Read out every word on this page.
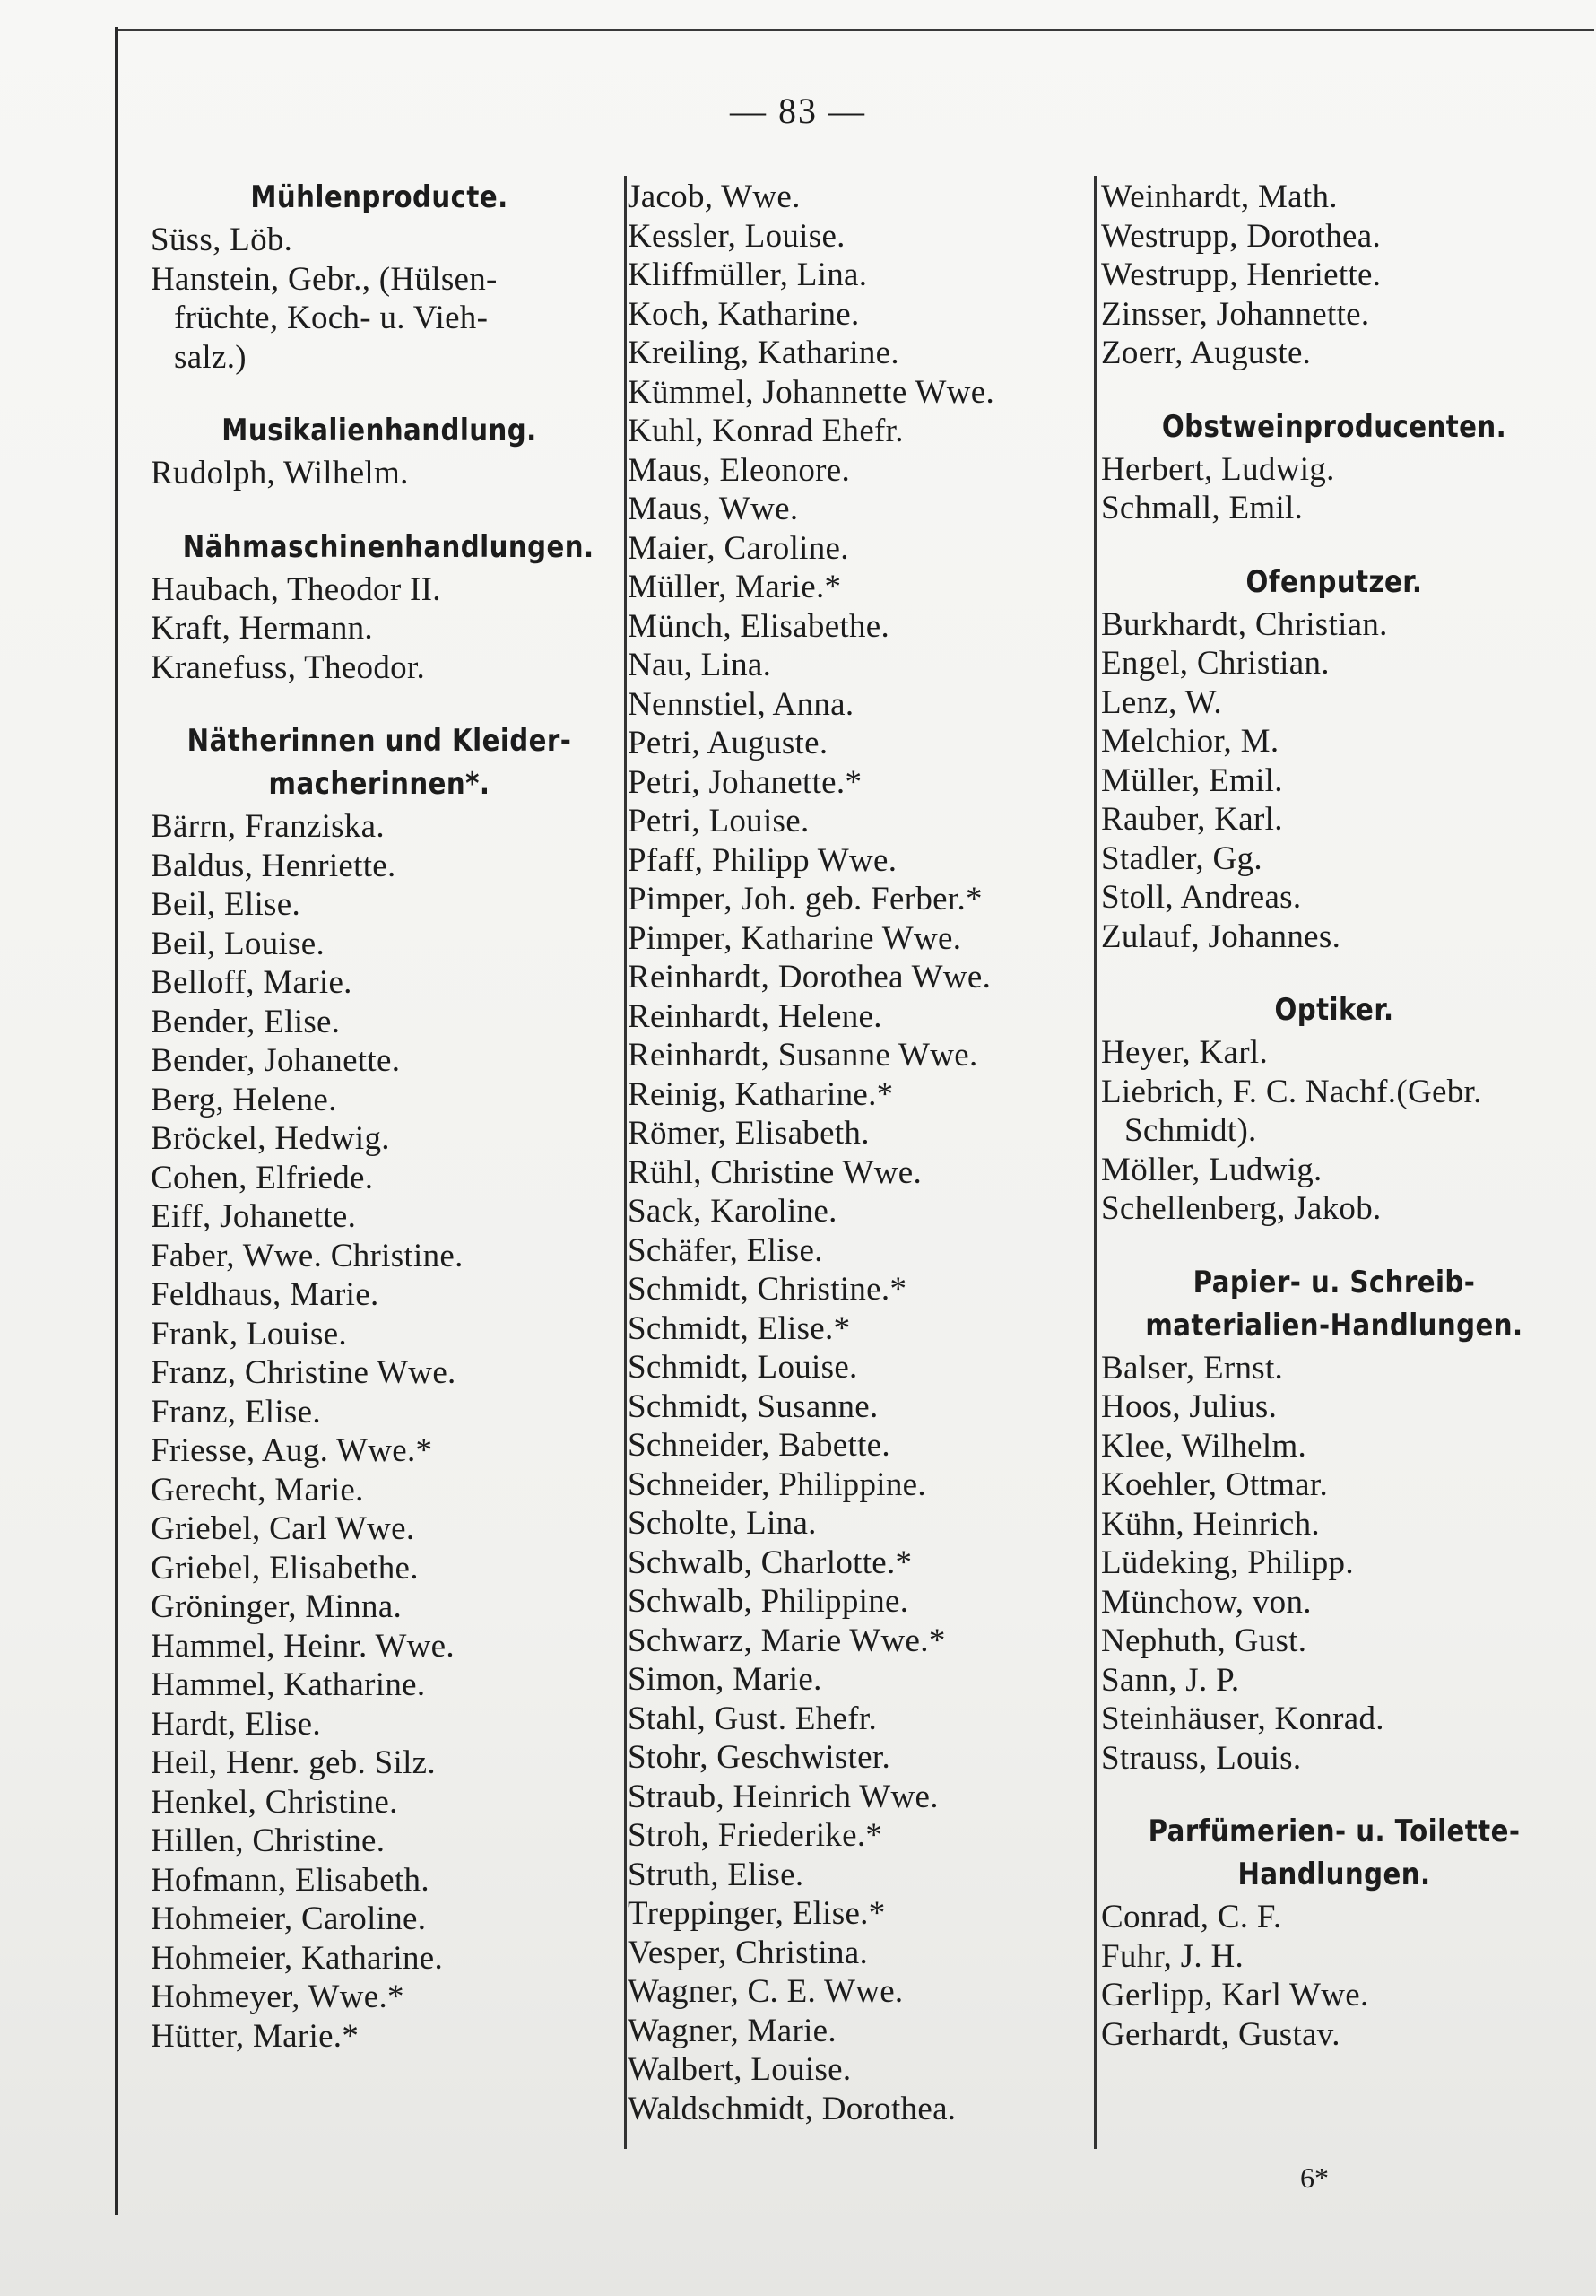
— 83 —
Mühlenproducte.
Süss, Löb.
Hanstein, Gebr., (Hülsen-
früchte, Koch- u. Vieh-
salz.)
Musikalienhandlung.
Rudolph, Wilhelm.
Nähmaschinenhandlungen.
Haubach, Theodor II.
Kraft, Hermann.
Kranefuss, Theodor.
Nätherinnen und Kleider-
macherinnen*.
Bärrn, Franziska.
Baldus, Henriette.
Beil, Elise.
Beil, Louise.
Belloff, Marie.
Bender, Elise.
Bender, Johanette.
Berg, Helene.
Bröckel, Hedwig.
Cohen, Elfriede.
Eiff, Johanette.
Faber, Wwe. Christine.
Feldhaus, Marie.
Frank, Louise.
Franz, Christine Wwe.
Franz, Elise.
Friesse, Aug. Wwe.*
Gerecht, Marie.
Griebel, Carl Wwe.
Griebel, Elisabethe.
Gröninger, Minna.
Hammel, Heinr. Wwe.
Hammel, Katharine.
Hardt, Elise.
Heil, Henr. geb. Silz.
Henkel, Christine.
Hillen, Christine.
Hofmann, Elisabeth.
Hohmeier, Caroline.
Hohmeier, Katharine.
Hohmeyer, Wwe.*
Hütter, Marie.*
Jacob, Wwe.
Kessler, Louise.
Kliffmüller, Lina.
Koch, Katharine.
Kreiling, Katharine.
Kümmel, Johannette Wwe.
Kuhl, Konrad Ehefr.
Maus, Eleonore.
Maus, Wwe.
Maier, Caroline.
Müller, Marie.*
Münch, Elisabethe.
Nau, Lina.
Nennstiel, Anna.
Petri, Auguste.
Petri, Johanette.*
Petri, Louise.
Pfaff, Philipp Wwe.
Pimper, Joh. geb. Ferber.*
Pimper, Katharine Wwe.
Reinhardt, Dorothea Wwe.
Reinhardt, Helene.
Reinhardt, Susanne Wwe.
Reinig, Katharine.*
Römer, Elisabeth.
Rühl, Christine Wwe.
Sack, Karoline.
Schäfer, Elise.
Schmidt, Christine.*
Schmidt, Elise.*
Schmidt, Louise.
Schmidt, Susanne.
Schneider, Babette.
Schneider, Philippine.
Scholte, Lina.
Schwalb, Charlotte.*
Schwalb, Philippine.
Schwarz, Marie Wwe.*
Simon, Marie.
Stahl, Gust. Ehefr.
Stohr, Geschwister.
Straub, Heinrich Wwe.
Stroh, Friederike.*
Struth, Elise.
Treppinger, Elise.*
Vesper, Christina.
Wagner, C. E. Wwe.
Wagner, Marie.
Walbert, Louise.
Waldschmidt, Dorothea.
Weinhardt, Math.
Westrupp, Dorothea.
Westrupp, Henriette.
Zinsser, Johannette.
Zoerr, Auguste.
Obstweinproducenten.
Herbert, Ludwig.
Schmall, Emil.
Ofenputzer.
Burkhardt, Christian.
Engel, Christian.
Lenz, W.
Melchior, M.
Müller, Emil.
Rauber, Karl.
Stadler, Gg.
Stoll, Andreas.
Zulauf, Johannes.
Optiker.
Heyer, Karl.
Liebrich, F. C. Nachf.(Gebr.
Schmidt).
Möller, Ludwig.
Schellenberg, Jakob.
Papier- u. Schreib-
materialien-Handlungen.
Balser, Ernst.
Hoos, Julius.
Klee, Wilhelm.
Koehler, Ottmar.
Kühn, Heinrich.
Lüdeking, Philipp.
Münchow, von.
Nephuth, Gust.
Sann, J. P.
Steinhäuser, Konrad.
Strauss, Louis.
Parfümerien- u. Toilette-
Handlungen.
Conrad, C. F.
Fuhr, J. H.
Gerlipp, Karl Wwe.
Gerhardt, Gustav.
6*
